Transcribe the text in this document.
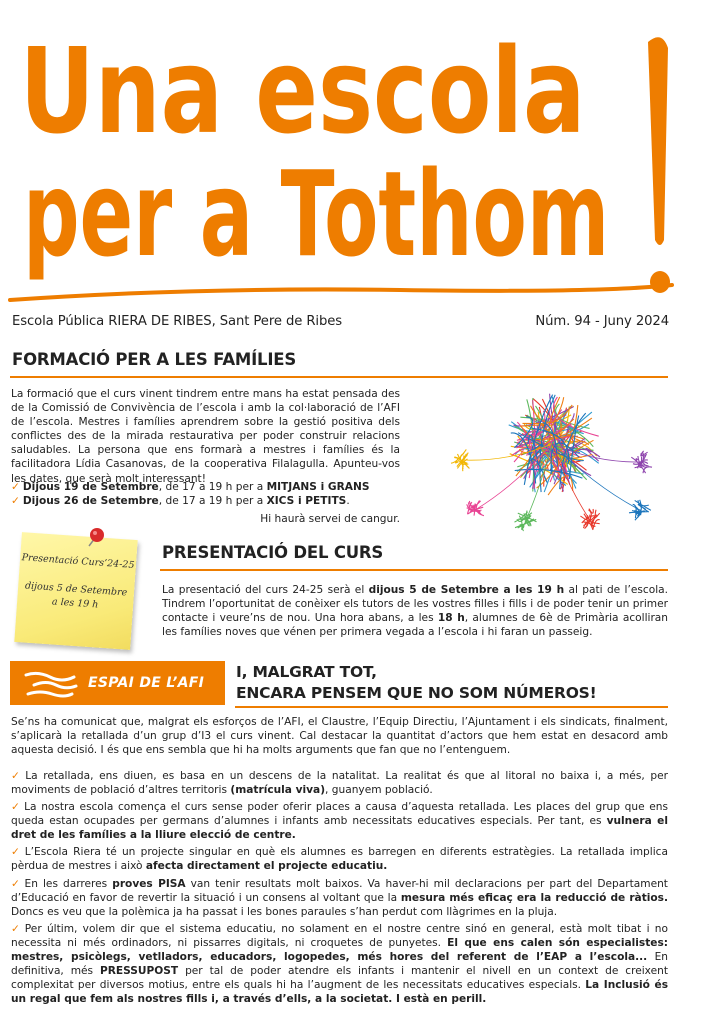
Una escola
per a Tothom
Escola Pública RIERA DE RIBES, Sant Pere de Ribes	Núm. 94 - Juny 2024
FORMACIÓ PER A LES FAMÍLIES
La formació que el curs vinent tindrem entre mans ha estat pensada des de la Comissió de Convivència de l’escola i amb la col·laboració de l’AFI de l’escola. Mestres i famílies aprendrem sobre la gestió positiva dels conflictes des de la mirada restaurativa per poder construir relacions saludables. La persona que ens formarà a mestres i famílies és la facilitadora Lídia Casanovas, de la cooperativa Filalagulla. Apunteu-vos les dates, que serà molt interessant!
✓ Dijous 19 de Setembre, de 17 a 19 h per a MITJANS i GRANS
✓ Dijous 26 de Setembre, de 17 a 19 h per a XICS i PETITS.
Hi haurà servei de cangur.
Presentació Curs’24-25
dijous 5 de Setembre
a les 19 h
PRESENTACIÓ DEL CURS
La presentació del curs 24-25 serà el dijous 5 de Setembre a les 19 h al pati de l’escola. Tindrem l’oportunitat de conèixer els tutors de les vostres filles i fills i de poder tenir un primer contacte i veure’ns de nou. Una hora abans, a les 18 h, alumnes de 6è de Primària acolliran les famílies noves que vénen per primera vegada a l’escola i hi faran un passeig.
ESPAI DE L’AFI
I, MALGRAT TOT,
ENCARA PENSEM QUE NO SOM NÚMEROS!
Se’ns ha comunicat que, malgrat els esforços de l’AFI, el Claustre, l’Equip Directiu, l’Ajuntament i els sindicats, finalment, s’aplicarà la retallada d’un grup d’I3 el curs vinent. Cal destacar la quantitat d’actors que hem estat en desacord amb aquesta decisió. I és que ens sembla que hi ha molts arguments que fan que no l’entenguem.
✓ La retallada, ens diuen, es basa en un descens de la natalitat. La realitat és que al litoral no baixa i, a més, per moviments de població d’altres territoris (matrícula viva), guanyem població.
✓ La nostra escola comença el curs sense poder oferir places a causa d’aquesta retallada. Les places del grup que ens queda estan ocupades per germans d’alumnes i infants amb necessitats educatives especials. Per tant, es vulnera el dret de les famílies a la lliure elecció de centre.
✓ L’Escola Riera té un projecte singular en què els alumnes es barregen en diferents estratègies. La retallada implica pèrdua de mestres i això afecta directament el projecte educatiu.
✓ En les darreres proves PISA van tenir resultats molt baixos. Va haver-hi mil declaracions per part del Departament d’Educació en favor de revertir la situació i un consens al voltant que la mesura més eficaç era la reducció de ràtios. Doncs es veu que la polèmica ja ha passat i les bones paraules s’han perdut com llàgrimes en la pluja.
✓ Per últim, volem dir que el sistema educatiu, no solament en el nostre centre sinó en general, està molt tibat i no necessita ni més ordinadors, ni pissarres digitals, ni croquetes de punyetes. El que ens calen són especialistes: mestres, psicòlegs, vetlladors, educadors, logopedes, més hores del referent de l’EAP a l’escola... En definitiva, més PRESSUPOST per tal de poder atendre els infants i mantenir el nivell en un context de creixent complexitat per diversos motius, entre els quals hi ha l’augment de les necessitats educatives especials. La Inclusió és un regal que fem als nostres fills i, a través d’ells, a la societat. I està en perill.
